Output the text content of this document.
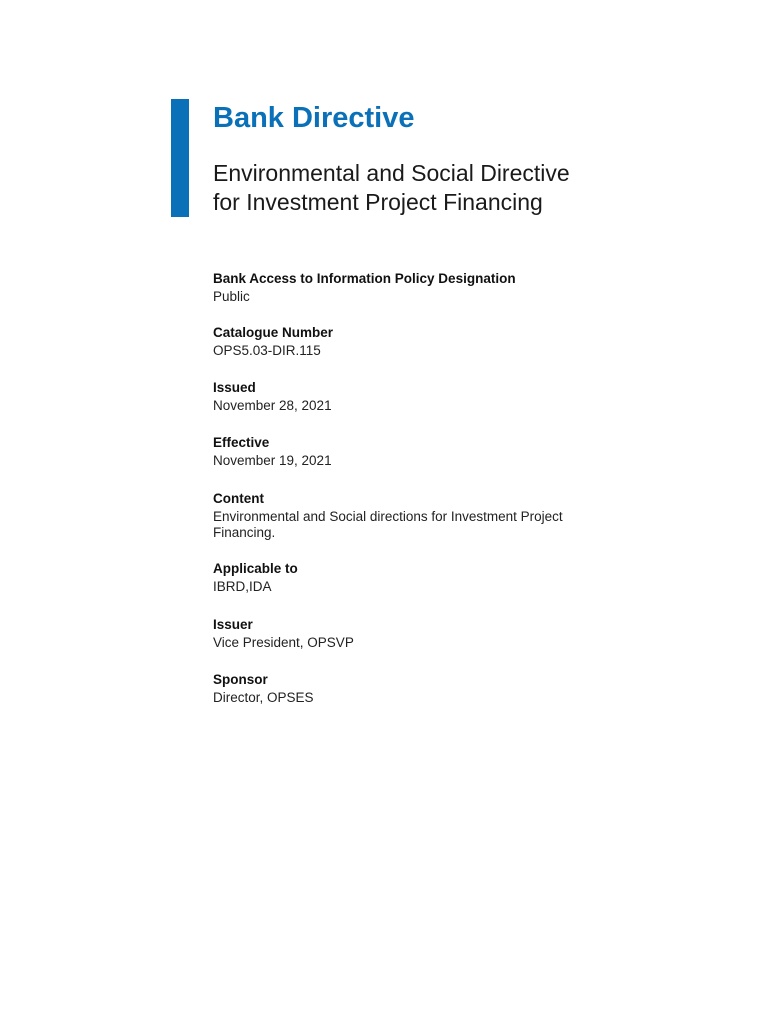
Bank Directive
Environmental and Social Directive
for Investment Project Financing
Bank Access to Information Policy Designation
Public
Catalogue Number
OPS5.03-DIR.115
Issued
November 28, 2021
Effective
November 19, 2021
Content
Environmental and Social directions for Investment Project
Financing.
Applicable to
IBRD,IDA
Issuer
Vice President, OPSVP
Sponsor
Director, OPSES
